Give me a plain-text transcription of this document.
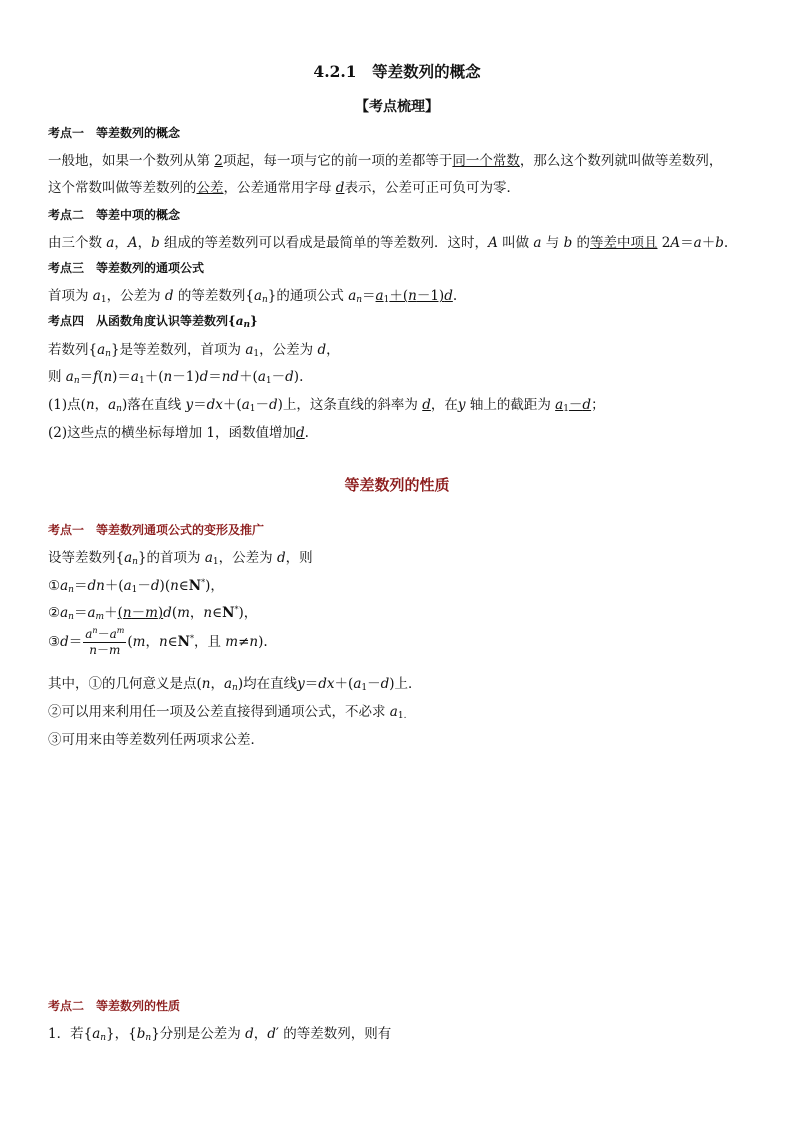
4.2.1　等差数列的概念
【考点梳理】
考点一　等差数列的概念
一般地，如果一个数列从第 2项起，每一项与它的前一项的差都等于同一个常数，那么这个数列就叫做等差数列，
这个常数叫做等差数列的公差，公差通常用字母 d表示，公差可正可负可为零．
考点二　等差中项的概念
由三个数 a，A，b 组成的等差数列可以看成是最简单的等差数列．这时，A 叫做 a 与 b 的等差中项且 2A＝a＋b.
考点三　等差数列的通项公式
首项为 $a_1$，公差为 d 的等差数列$\{a_n\}$的通项公式 $a_n=a_1+(n-1)d$.
考点四　从函数角度认识等差数列$\{a_n\}$
若数列$\{a_n\}$是等差数列，首项为 $a_1$，公差为 d，
则 $a_n=f(n)=a_1+(n-1)d=nd+(a_1-d)$.
(1)点(n，$a_n$)落在直线 $y=dx+(a_1-d)$上，这条直线的斜率为 d，在y 轴上的截距为 $a_1-d$；
(2)这些点的横坐标每增加 1，函数值增加d.
等差数列的性质
考点一　等差数列通项公式的变形及推广
设等差数列$\{a_n\}$的首项为 $a_1$，公差为 d，则
$①a_n=dn+(a_1-d)(n\in N^*)$，
$②a_n=a_m+(n-m)d(m$，n∈N*)，
③d＝ $\frac{a^n-a^m}{n-m} (m$，n∈N*，且 m≠n).
其中，①的几何意义是点(n，$a_n$)均在直线$y=dx+(a_1-d)$上．
②可以用来利用任一项及公差直接得到通项公式，不必求 $a_{1.}$
③可用来由等差数列任两项求公差．
考点二　等差数列的性质
1．若$\{a_n\}$，$\{b_n\}$分别是公差为 d，d′ 的等差数列，则有
